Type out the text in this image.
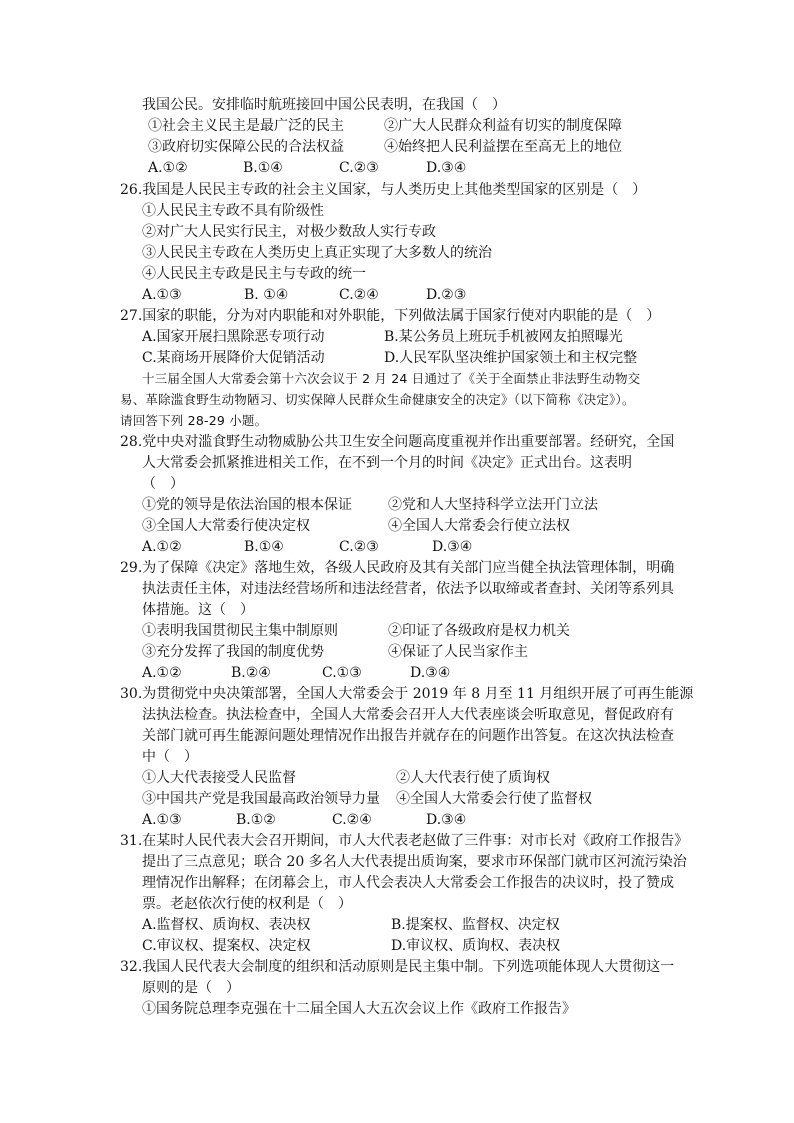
我国公民。安排临时航班接回中国公民表明，在我国（　）
①社会主义民主是最广泛的民主	②广大人民群众利益有切实的制度保障
③政府切实保障公民的合法权益	④始终把人民利益摆在至高无上的地位
A.①②	B.①④	C.②③	D.③④
26.我国是人民民主专政的社会主义国家，与人类历史上其他类型国家的区别是（　）
①人民民主专政不具有阶级性
②对广大人民实行民主，对极少数敌人实行专政
③人民民主专政在人类历史上真正实现了大多数人的统治
④人民民主专政是民主与专政的统一
A.①③	B. ①④	C.②④	D.②③
27.国家的职能，分为对内职能和对外职能，下列做法属于国家行使对内职能的是（　）
A.国家开展扫黑除恶专项行动	B.某公务员上班玩手机被网友拍照曝光
C.某商场开展降价大促销活动	D.人民军队坚决维护国家领土和主权完整
十三届全国人大常委会第十六次会议于 2 月 24 日通过了《关于全面禁止非法野生动物交
易、革除滥食野生动物陋习、切实保障人民群众生命健康安全的决定》（以下简称《决定》）。
请回答下列 28-29 小题。
28.党中央对滥食野生动物威胁公共卫生安全问题高度重视并作出重要部署。经研究，全国
人大常委会抓紧推进相关工作，在不到一个月的时间《决定》正式出台。这表明
（　）
①党的领导是依法治国的根本保证	②党和人大坚持科学立法开门立法
③全国人大常委行使决定权	④全国人大常委会行使立法权
A.①②	B.①④	C.②③	D.③④
29.为了保障《决定》落地生效，各级人民政府及其有关部门应当健全执法管理体制，明确
执法责任主体，对违法经营场所和违法经营者，依法予以取缔或者查封、关闭等系列具
体措施。这（　）
①表明我国贯彻民主集中制原则	②印证了各级政府是权力机关
③充分发挥了我国的制度优势	④保证了人民当家作主
A.①②	B.②④	C.①③	D.③④
30.为贯彻党中央决策部署，全国人大常委会于 2019 年 8 月至 11 月组织开展了可再生能源
法执法检查。执法检查中，全国人大常委会召开人大代表座谈会听取意见，督促政府有
关部门就可再生能源问题处理情况作出报告并就存在的问题作出答复。在这次执法检查
中（　）
①人大代表接受人民监督	②人大代表行使了质询权
③中国共产党是我国最高政治领导力量 ④全国人大常委会行使了监督权
A.①③	B.①②	C.②④	D.③④
31.在某时人民代表大会召开期间，市人大代表老赵做了三件事：对市长对《政府工作报告》
提出了三点意见；联合 20 多名人大代表提出质询案，要求市环保部门就市区河流污染治
理情况作出解释；在闭幕会上，市人代会表决人大常委会工作报告的决议时，投了赞成
票。老赵依次行使的权利是（　）
A.监督权、质询权、表决权	B.提案权、监督权、决定权
C.审议权、提案权、决定权	D.审议权、质询权、表决权
32.我国人民代表大会制度的组织和活动原则是民主集中制。下列选项能体现人大贯彻这一
原则的是（　）
①国务院总理李克强在十二届全国人大五次会议上作《政府工作报告》
